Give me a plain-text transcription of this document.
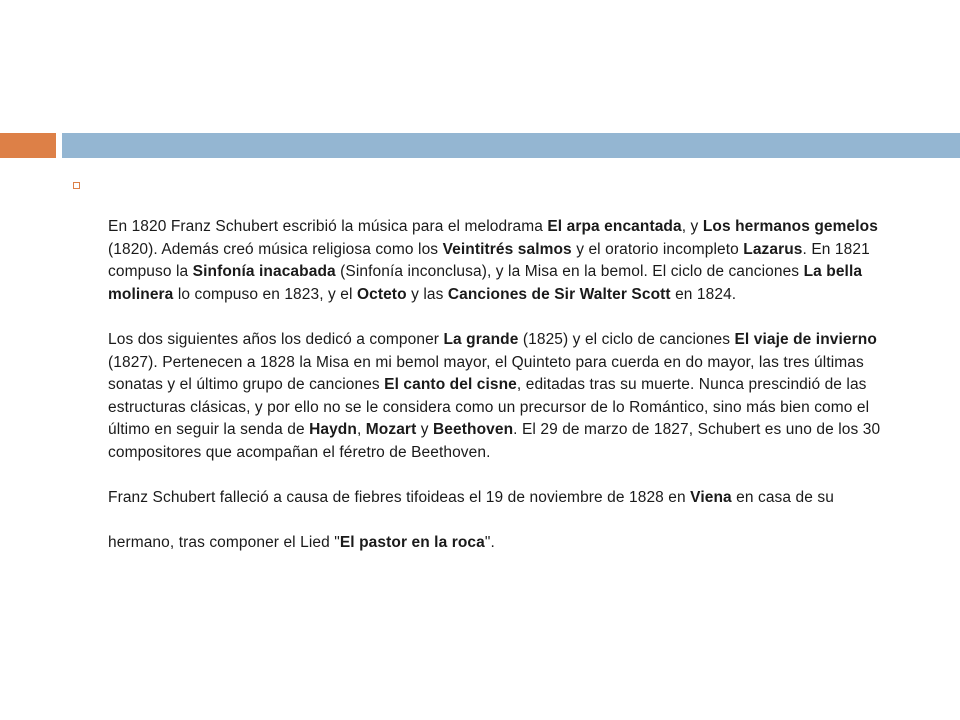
En 1820 Franz Schubert escribió la música para el melodrama El arpa encantada, y Los hermanos gemelos (1820). Además creó música religiosa como los Veintitrés salmos y el oratorio incompleto Lazarus. En 1821 compuso la Sinfonía inacabada (Sinfonía inconclusa), y la Misa en la bemol. El ciclo de canciones La bella molinera lo compuso en 1823, y el Octeto y las Canciones de Sir Walter Scott en 1824.

Los dos siguientes años los dedicó a componer La grande (1825) y el ciclo de canciones El viaje de invierno (1827). Pertenecen a 1828 la Misa en mi bemol mayor, el Quinteto para cuerda en do mayor, las tres últimas sonatas y el último grupo de canciones El canto del cisne, editadas tras su muerte. Nunca prescindió de las estructuras clásicas, y por ello no se le considera como un precursor de lo Romántico, sino más bien como el último en seguir la senda de Haydn, Mozart y Beethoven. El 29 de marzo de 1827, Schubert es uno de los 30 compositores que acompañan el féretro de Beethoven.

Franz Schubert falleció a causa de fiebres tifoideas el 19 de noviembre de 1828 en Viena en casa de su

hermano, tras componer el Lied "El pastor en la roca".
